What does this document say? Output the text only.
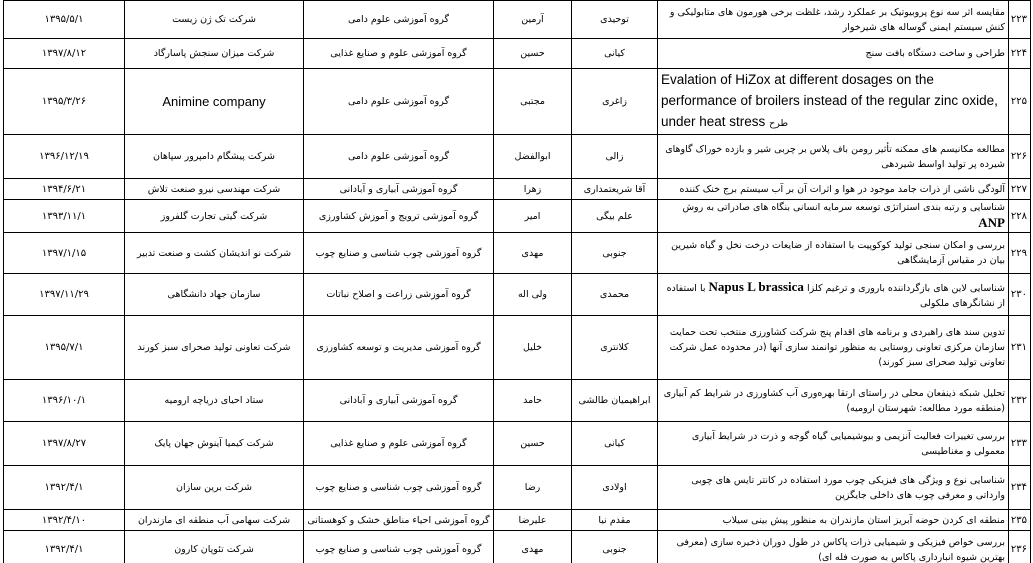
۲۲۳	مقایسه اثر سه نوع پروبیوتیک بر عملکرد رشد، غلظت برخی هورمون های متابولیکی و کنش سیستم ایمنی گوساله های شیرخوار	توحیدی	آرمین	گروه آموزشی علوم دامی	شرکت تک ژن زیست	۱۳۹۵/۵/۱
۲۲۴	طراحی و ساخت دستگاه بافت سنج	کیانی	حسین	گروه آموزشی علوم و صنایع غذایی	شرکت میزان سنجش پاسارگاد	۱۳۹۷/۸/۱۲
۲۲۵	Evalation of HiZox at different dosages on the performance of broilers instead of the regular zinc oxide, under heat stress طرح	زاغری	مجتبی	گروه آموزشی علوم دامی	Animine company	۱۳۹۵/۳/۲۶
۲۲۶	مطالعه مکانیسم های ممکنه تأثیر رومن باف پلاس بر چربی شیر و بازده خوراک گاوهای شیرده پر تولید اواسط شیردهی	زالی	ابوالفضل	گروه آموزشی علوم دامی	شرکت پیشگام دامپرور سپاهان	۱۳۹۶/۱۲/۱۹
۲۲۷	آلودگی ناشی از ذرات جامد موجود در هوا و اثرات آن بر آب سیستم برج خنک کننده	آقا شریعتمداری	زهرا	گروه آموزشی آبیاری و آبادانی	شرکت مهندسی نیرو صنعت تلاش	۱۳۹۴/۶/۲۱
۲۲۸	شناسایی و رتبه بندی استراتژی توسعه سرمایه انسانی بنگاه های صادراتی به روش ANP	علم بیگی	امیر	گروه آموزشی ترویج و آموزش کشاورزی	شرکت گیتی تجارت گلفروز	۱۳۹۳/۱۱/۱
۲۲۹	بررسی و امکان سنجی تولید کوکوپیت با استفاده از ضایعات درخت نخل و گیاه شیرین بیان در مقیاس آزمایشگاهی	جنوبی	مهدی	گروه آموزشی چوب شناسی و صنایع چوب	شرکت نو اندیشان کشت و صنعت تدبیر	۱۳۹۷/۱/۱۵
۲۳۰	شناسایی لاین های بازگرداننده باروری و ترغیم کلزا Napus L brassica با استفاده از نشانگرهای ملکولی	محمدی	ولی اله	گروه آموزشی زراعت و اصلاح نباتات	سازمان جهاد دانشگاهی	۱۳۹۷/۱۱/۲۹
۲۳۱	تدوین سند های راهبردی و برنامه های اقدام پنج شرکت کشاورزی منتخب تحت حمایت سازمان مرکزی تعاونی روستایی به منظور توانمند سازی آنها (در محدوده عمل شرکت تعاونی تولید صحرای سبز کورند)	کلانتری	خلیل	گروه آموزشی مدیریت و توسعه کشاورزی	شرکت تعاونی تولید صحرای سبز کورند	۱۳۹۵/۷/۱
۲۳۲	تحلیل شبکه ذینفعان محلی در راستای ارتقا بهره‌وری آب کشاورزی در شرایط کم آبیاری (منطقه مورد مطالعه: شهرستان ارومیه)	ابراهیمیان طالشی	حامد	گروه آموزشی آبیاری و آبادانی	ستاد احیای دریاچه ارومیه	۱۳۹۶/۱۰/۱
۲۳۳	بررسی تغییرات فعالیت آنزیمی و بیوشیمیایی گیاه گوجه و ذرت در شرایط آبیاری معمولی و مغناطیسی	کیانی	حسین	گروه آموزشی علوم و صنایع غذایی	شرکت کیمیا آینوش جهان پایک	۱۳۹۷/۸/۲۷
۲۳۴	شناسایی نوع و ویژگی های فیزیکی چوب مورد استفاده در کانتر تایس های چوبی وارداتی و معرفی چوب های داخلی جایگزین	اولادی	رضا	گروه آموزشی چوب شناسی و صنایع چوب	شرکت برین سازان	۱۳۹۲/۴/۱
۲۳۵	منطقه ای کردن حوضه آبریز استان مازندران به منظور پیش بینی سیلاب	مقدم نیا	علیرضا	گروه آموزشی احیاء مناطق خشک و کوهستانی	شرکت سهامی آب منطقه ای مازندران	۱۳۹۲/۴/۱۰
۲۳۶	بررسی خواص فیزیکی و شیمیایی ذرات پاکاس در طول دوران ذخیره سازی (معرفی بهترین شیوه انبارداری پاکاس به صورت فله ای)	جنوبی	مهدی	گروه آموزشی چوب شناسی و صنایع چوب	شرکت تئوپان کارون	۱۳۹۲/۴/۱
